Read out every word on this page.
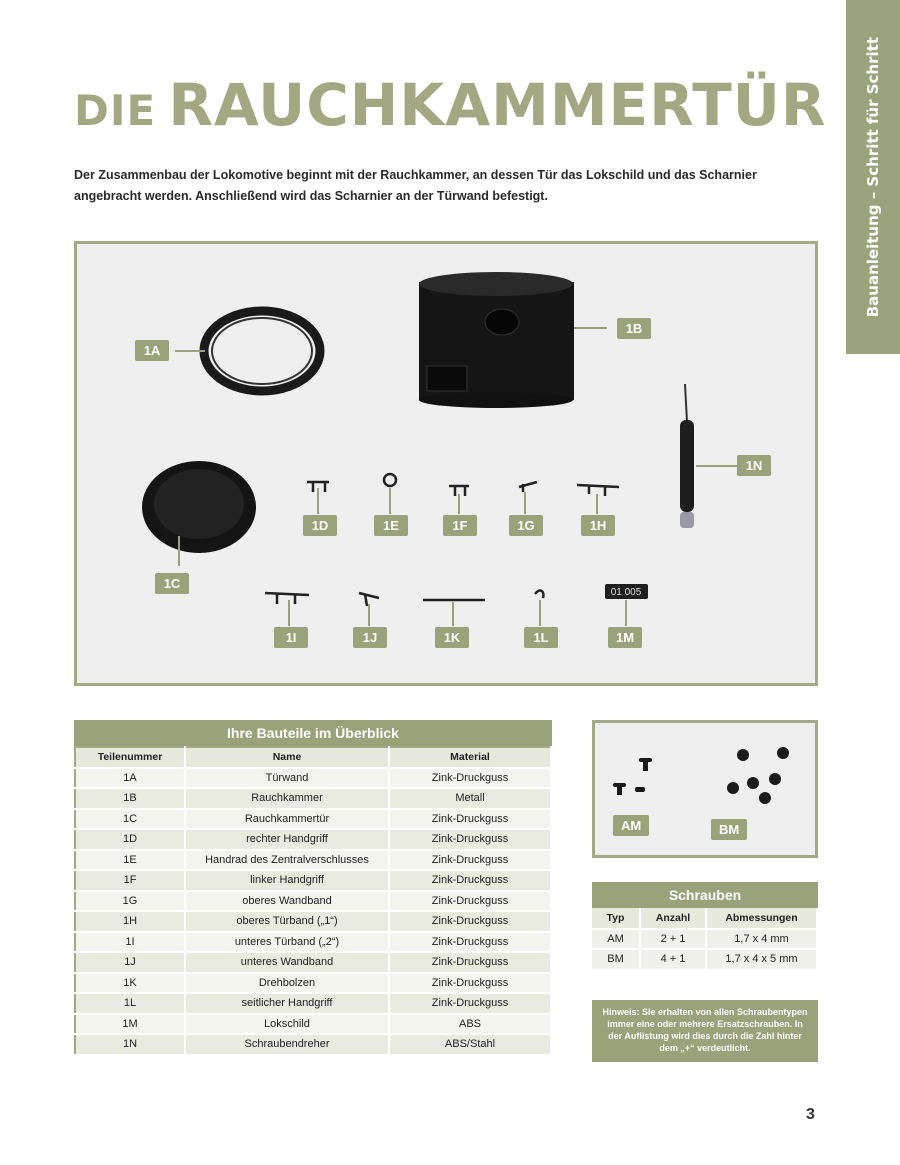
Bauanleitung – Schritt für Schritt
DIE RAUCHKAMMERTÜR

Der Zusammenbau der Lokomotive beginnt mit der Rauchkammer, an dessen Tür das Lokschild und das Scharnier angebracht werden. Anschließend wird das Scharnier an der Türwand befestigt.

01 005
1A
1B
1C
1D	1E	1F	1G	1H
1I	1J	1K	1L	1M
1N
Ihre Bauteile im Überblick
Teilenummer	Name	Material
1A	Türwand	Zink-Druckguss
1B	Rauchkammer	Metall
1C	Rauchkammertür	Zink-Druckguss
1D	rechter Handgriff	Zink-Druckguss
1E	Handrad des Zentralverschlusses	Zink-Druckguss
1F	linker Handgriff	Zink-Druckguss
1G	oberes Wandband	Zink-Druckguss
1H	oberes Türband („1“)	Zink-Druckguss
1I	unteres Türband („2“)	Zink-Druckguss
1J	unteres Wandband	Zink-Druckguss
1K	Drehbolzen	Zink-Druckguss
1L	seitlicher Handgriff	Zink-Druckguss
1M	Lokschild	ABS
1N	Schraubendreher	ABS/Stahl
AM	BM
Schrauben
Typ	Anzahl	Abmessungen
AM	2 + 1	1,7 x 4 mm
BM	4 + 1	1,7 x 4 x 5 mm
Hinweis: Sie erhalten von allen Schraubentypen immer eine oder mehrere Ersatzschrauben. In der Auflistung wird dies durch die Zahl hinter dem „+“ verdeutlicht.
3
